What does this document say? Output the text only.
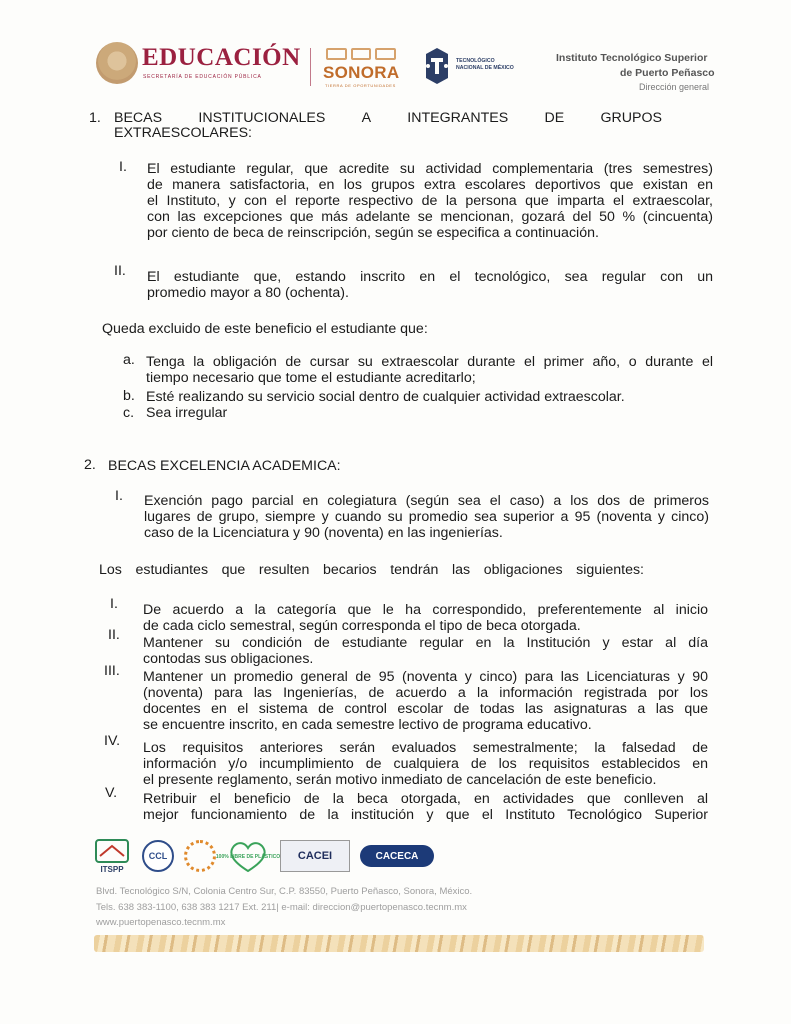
EDUCACIÓN
SECRETARÍA DE EDUCACIÓN PÚBLICA	SONORA
TIERRA DE OPORTUNIDADES
TECNOLÓGICO
NACIONAL DE MÉXICO
Instituto Tecnológico Superior
de Puerto Peñasco
Dirección general
1. BECAS	INSTITUCIONALES	A	INTEGRANTES	DE	GRUPOS
EXTRAESCOLARES:
I. El estudiante regular, que acredite su actividad complementaria (tres semestres)
de manera satisfactoria, en los grupos extra escolares deportivos que existan en
el Instituto, y con el reporte respectivo de la persona que imparta el extraescolar,
con las excepciones que más adelante se mencionan, gozará del 50 % (cincuenta)
por ciento de beca de reinscripción, según se especifica a continuación.
II. El estudiante que, estando inscrito en el tecnológico, sea regular con un
promedio mayor a 80 (ochenta).
Queda excluido de este beneficio el estudiante que:
a. Tenga la obligación de cursar su extraescolar durante el primer año, o durante el
tiempo necesario que tome el estudiante acreditarlo;
b. Esté realizando su servicio social dentro de cualquier actividad extraescolar.
c. Sea irregular
2. BECAS EXCELENCIA ACADEMICA:
I. Exención pago parcial en colegiatura (según sea el caso) a los dos de primeros
lugares de grupo, siempre y cuando su promedio sea superior a 95 (noventa y cinco)
caso de la Licenciatura y 90 (noventa) en las ingenierías.
Los estudiantes que resulten becarios tendrán las obligaciones siguientes:
I. De acuerdo a la categoría que le ha correspondido, preferentemente al inicio
de cada ciclo semestral, según corresponda el tipo de beca otorgada.
II. Mantener su condición de estudiante regular en la Institución y estar al día
contodas sus obligaciones.
III. Mantener un promedio general de 95 (noventa y cinco) para las Licenciaturas y 90
(noventa) para las Ingenierías, de acuerdo a la información registrada por los
docentes en el sistema de control escolar de todas las asignaturas a las que
se encuentre inscrito, en cada semestre lectivo de programa educativo.
IV. Los requisitos anteriores serán evaluados semestralmente; la falsedad de
información y/o incumplimiento de cualquiera de los requisitos establecidos en
el presente reglamento, serán motivo inmediato de cancelación de este beneficio.
V. Retribuir el beneficio de la beca otorgada, en actividades que conlleven al
mejor funcionamiento de la institución y que el Instituto Tecnológico Superior
ITSPP
CCL	100% LIBRE DE PLÁSTICO	CACEI	CACECA
Blvd. Tecnológico S/N, Colonia Centro Sur, C.P. 83550, Puerto Peñasco, Sonora, México.
Tels. 638 383-1100, 638 383 1217 Ext. 211| e-mail: direccion@puertopenasco.tecnm.mx
www.puertopenasco.tecnm.mx
